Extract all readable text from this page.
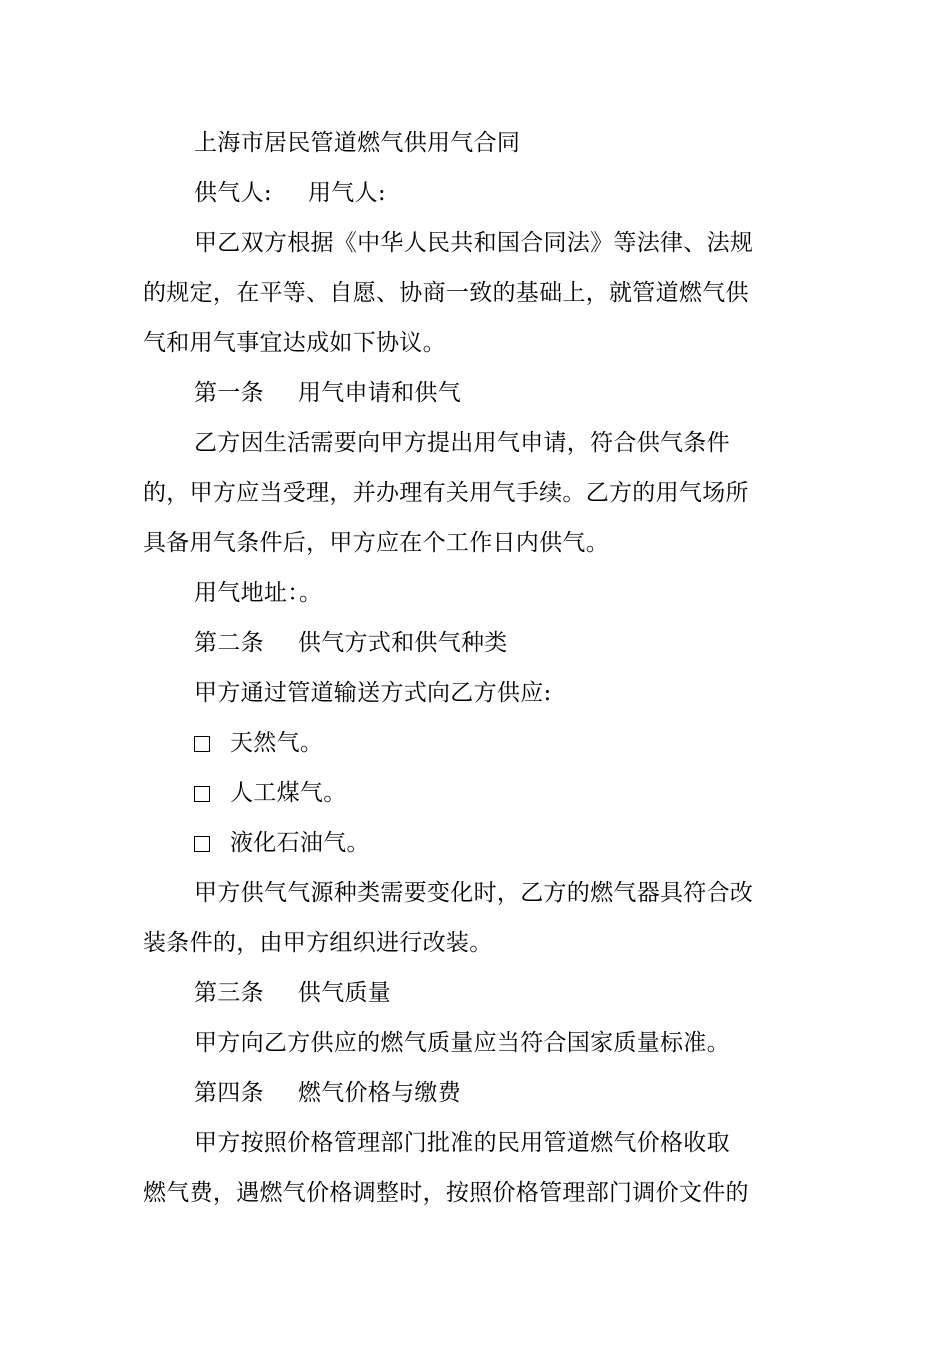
上海市居民管道燃气供用气合同
供气人: 用气人:
甲乙双方根据《中华人民共和国合同法》等法律、法规
的规定，在平等、自愿、协商一致的基础上，就管道燃气供
气和用气事宜达成如下协议。
第一条 用气申请和供气
乙方因生活需要向甲方提出用气申请，符合供气条件
的，甲方应当受理，并办理有关用气手续。乙方的用气场所
具备用气条件后，甲方应在个工作日内供气。
用气地址：。
第二条 供气方式和供气种类
甲方通过管道输送方式向乙方供应:
天然气。
人工煤气。
液化石油气。
甲方供气气源种类需要变化时，乙方的燃气器具符合改
装条件的，由甲方组织进行改装。
第三条 供气质量
甲方向乙方供应的燃气质量应当符合国家质量标准。
第四条 燃气价格与缴费
甲方按照价格管理部门批准的民用管道燃气价格收取
燃气费，遇燃气价格调整时，按照价格管理部门调价文件的
